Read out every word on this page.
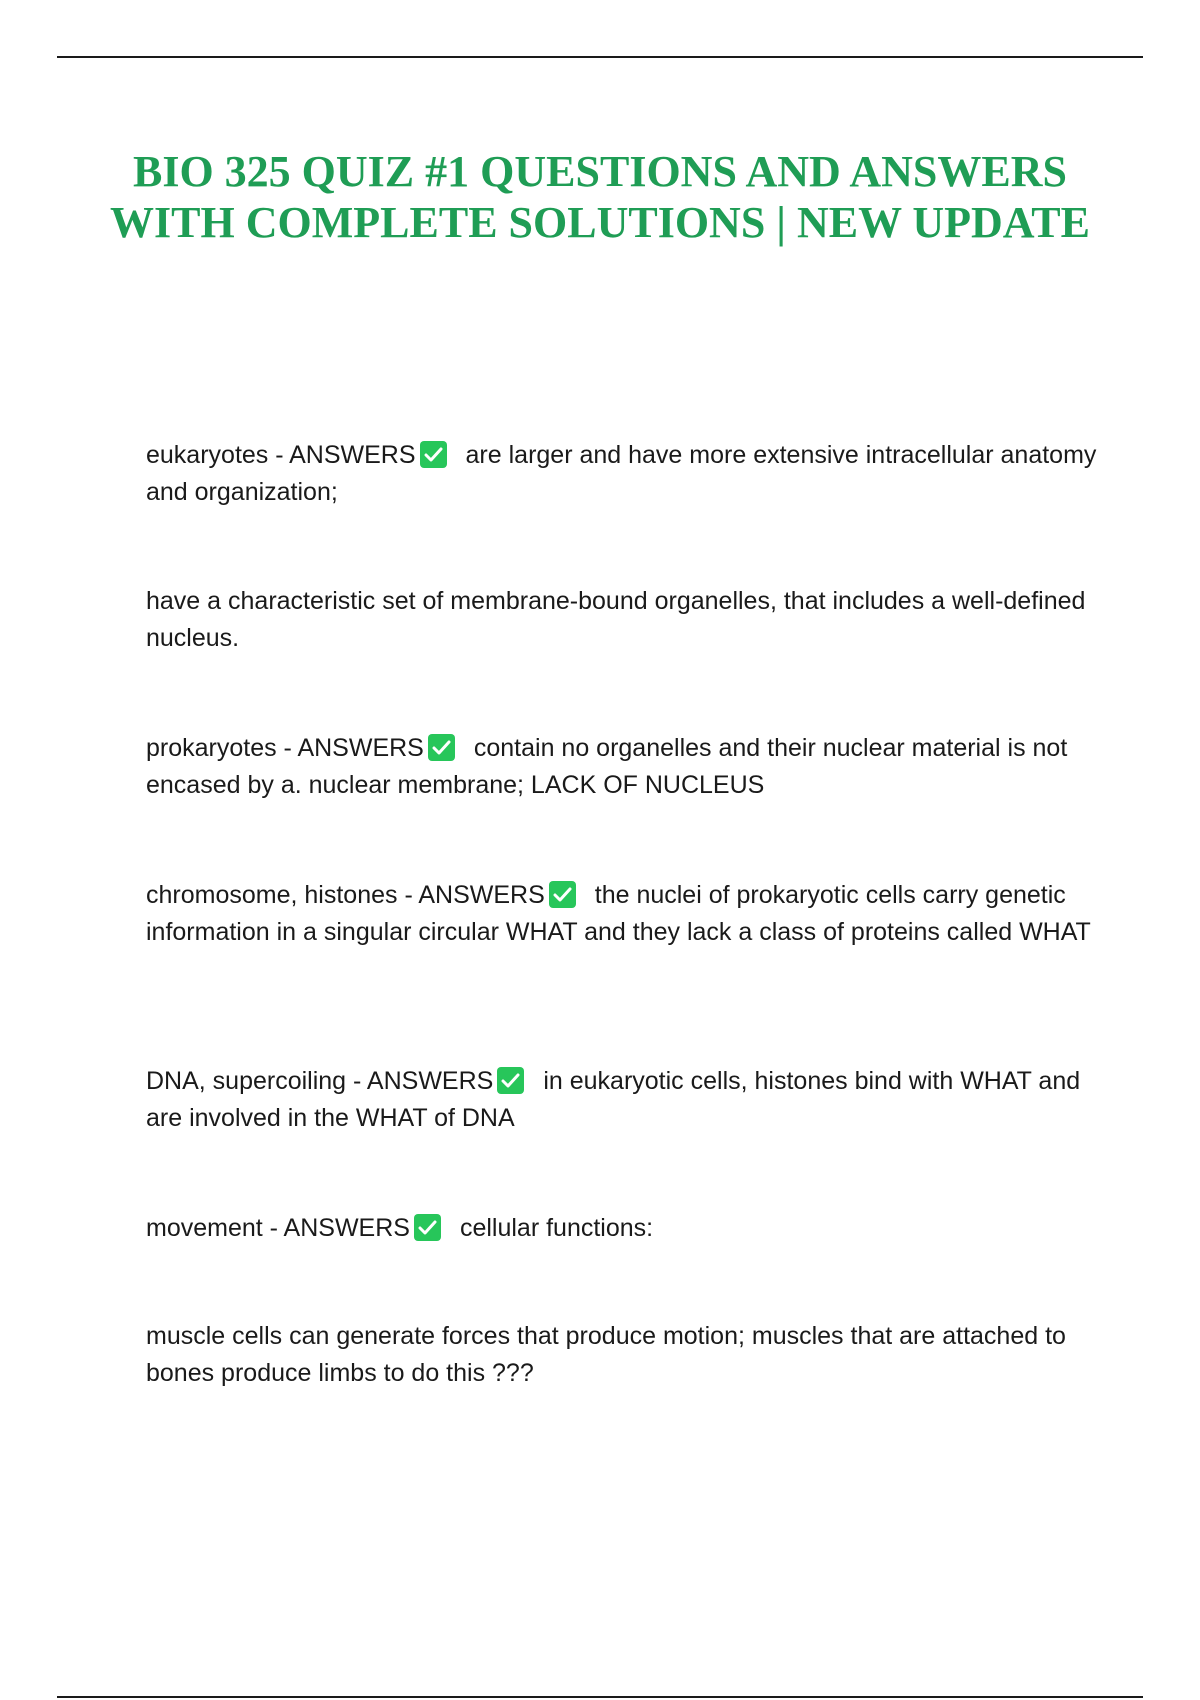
BIO 325 QUIZ #1 QUESTIONS AND ANSWERS WITH COMPLETE SOLUTIONS | NEW UPDATE

eukaryotes - ANSWERS are larger and have more extensive intracellular anatomy and organization;

have a characteristic set of membrane-bound organelles, that includes a well-defined nucleus.

prokaryotes - ANSWERS contain no organelles and their nuclear material is not encased by a. nuclear membrane; LACK OF NUCLEUS

chromosome, histones - ANSWERS the nuclei of prokaryotic cells carry genetic information in a singular circular WHAT and they lack a class of proteins called WHAT

DNA, supercoiling - ANSWERS in eukaryotic cells, histones bind with WHAT and are involved in the WHAT of DNA

movement - ANSWERS cellular functions:

muscle cells can generate forces that produce motion; muscles that are attached to bones produce limbs to do this ???
